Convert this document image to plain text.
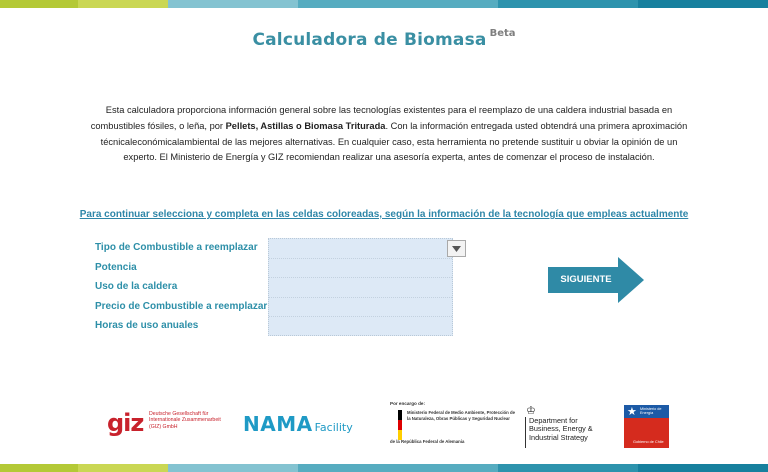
Calculadora de Biomasa $^{Beta}$
Esta calculadora proporciona información general sobre las tecnologías existentes para el reemplazo de una caldera industrial basada en combustibles fósiles, o leña, por Pellets, Astillas o Biomasa Triturada. Con la información entregada usted obtendrá una primera aproximación técnicaleconómicalambiental de las mejores alternativas. En cualquier caso, esta herramienta no pretende sustituir u obviar la opinión de un experto. El Ministerio de Energía y GIZ recomiendan realizar una asesoría experta, antes de comenzar el proceso de instalación.
Para continuar selecciona y completa en las celdas coloreadas, según la información de la tecnología que empleas actualmente
Tipo de Combustible a reemplazar
Potencia
Uso de la caldera
Precio de Combustible a reemplazar
Horas de uso anuales
SIGUIENTE
giz Deutsche Gesellschaft für Internationale Zusammenarbeit (GIZ) GmbH	NAMA Facility
Por encargo de:
Ministerio Federal de Medio Ambiente, Protección de la Naturaleza, Obras Públicas y Seguridad Nuclear
de la República Federal de Alemania
♔
Department for Business, Energy & Industrial Strategy
★ Ministerio de Energía
Gobierno de Chile
